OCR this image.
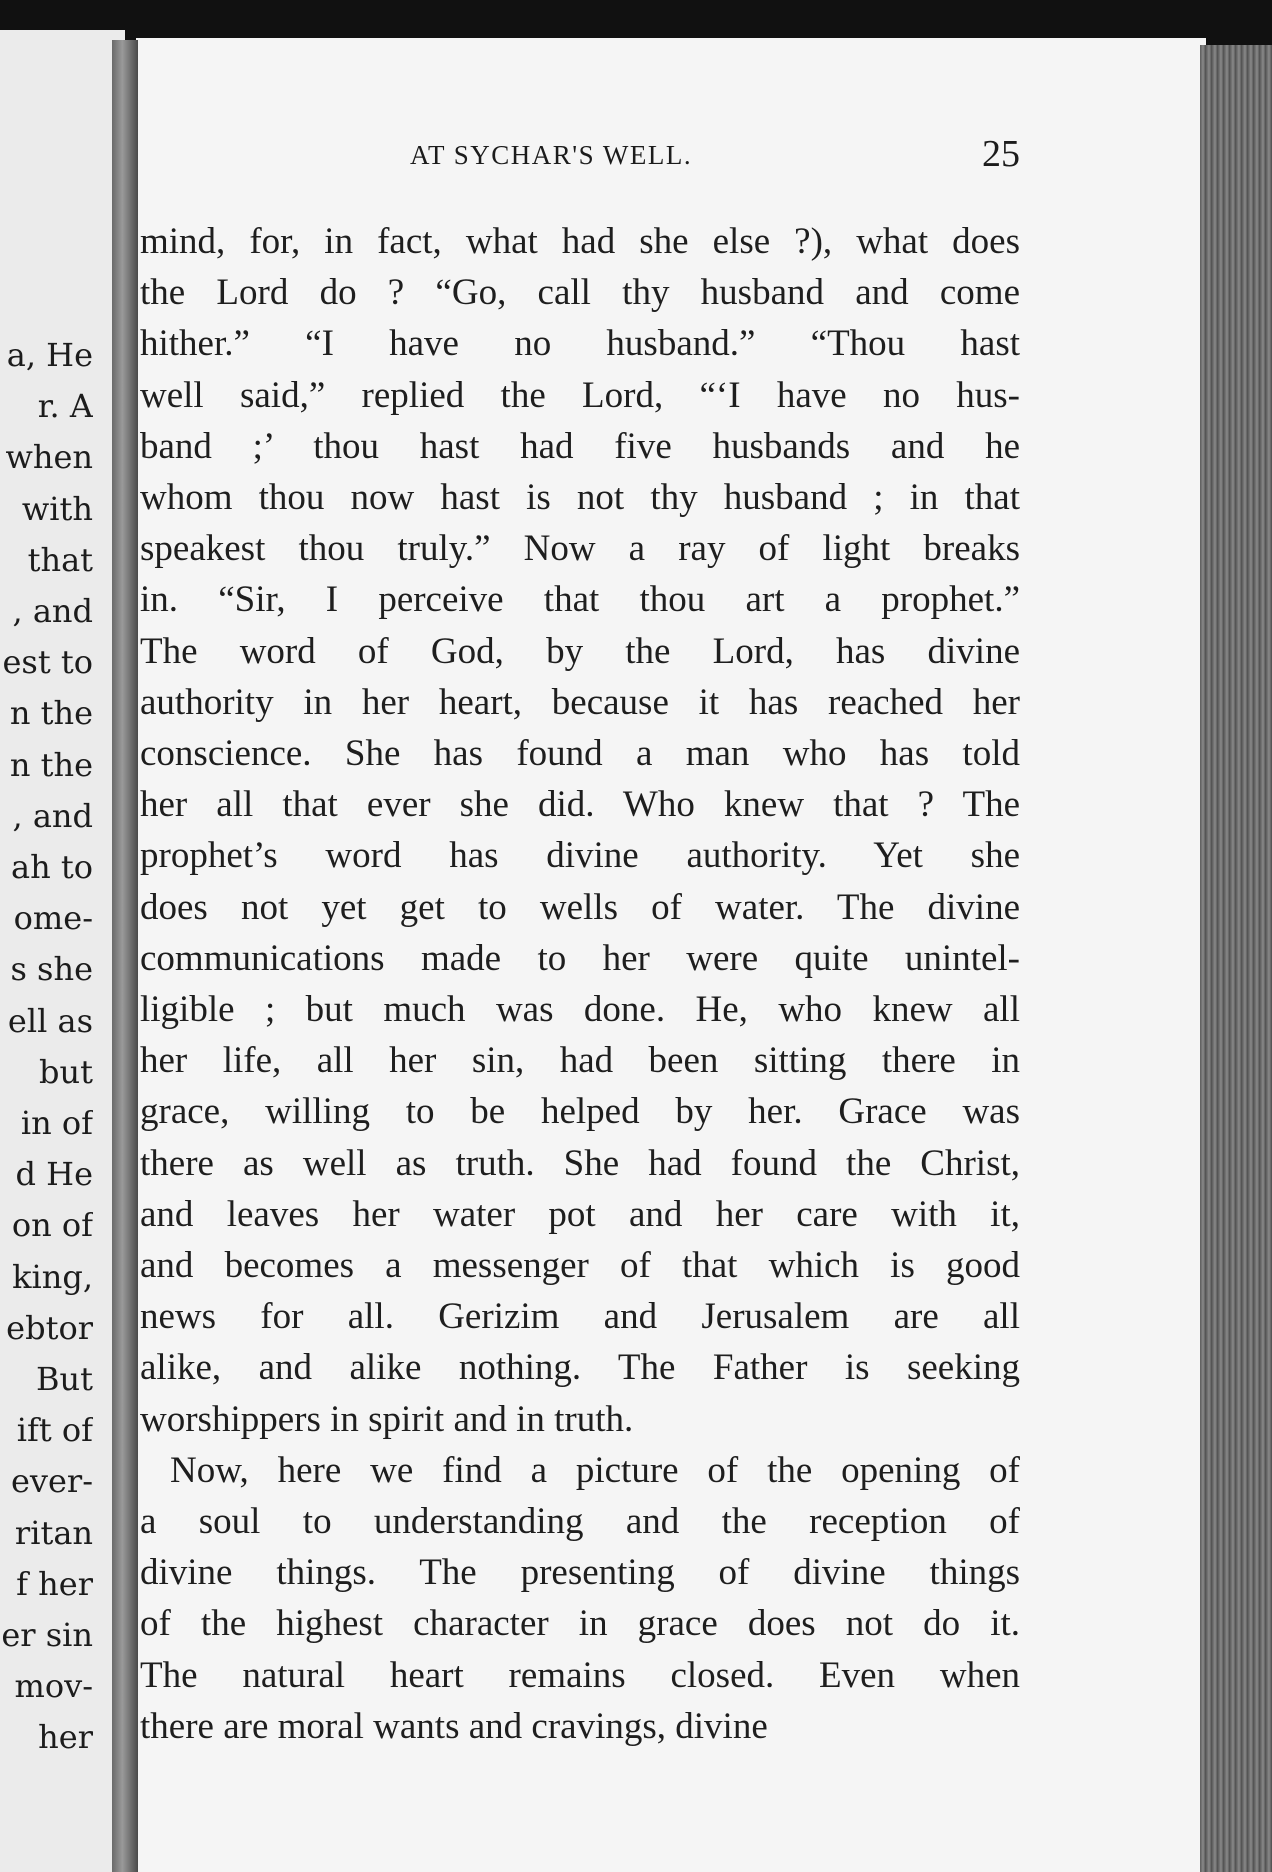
a, He
r. A
when
with
that
, and
est to
n the
n the
, and
ah to
ome-
s she
ell as
but
in of
d He
on of
king,
ebtor
But
ift of
ever-
ritan
f her
er sin
mov-
her
AT SYCHAR'S WELL.	25
mind, for, in fact, what had she else ?), what does
the Lord do ? “Go, call thy husband and come
hither.” “I have no husband.” “Thou hast
well said,” replied the Lord, “‘I have no hus-
band ;’ thou hast had five husbands and he
whom thou now hast is not thy husband ; in that
speakest thou truly.” Now a ray of light breaks
in. “Sir, I perceive that thou art a prophet.”
The word of God, by the Lord, has divine
authority in her heart, because it has reached her
conscience. She has found a man who has told
her all that ever she did. Who knew that ? The
prophet’s word has divine authority. Yet she
does not yet get to wells of water. The divine
communications made to her were quite unintel-
ligible ; but much was done. He, who knew all
her life, all her sin, had been sitting there in
grace, willing to be helped by her. Grace was
there as well as truth. She had found the Christ,
and leaves her water pot and her care with it,
and becomes a messenger of that which is good
news for all. Gerizim and Jerusalem are all
alike, and alike nothing. The Father is seeking
worshippers in spirit and in truth.
Now, here we find a picture of the opening of
a soul to understanding and the reception of
divine things. The presenting of divine things
of the highest character in grace does not do it.
The natural heart remains closed. Even when
there are moral wants and cravings, divine
